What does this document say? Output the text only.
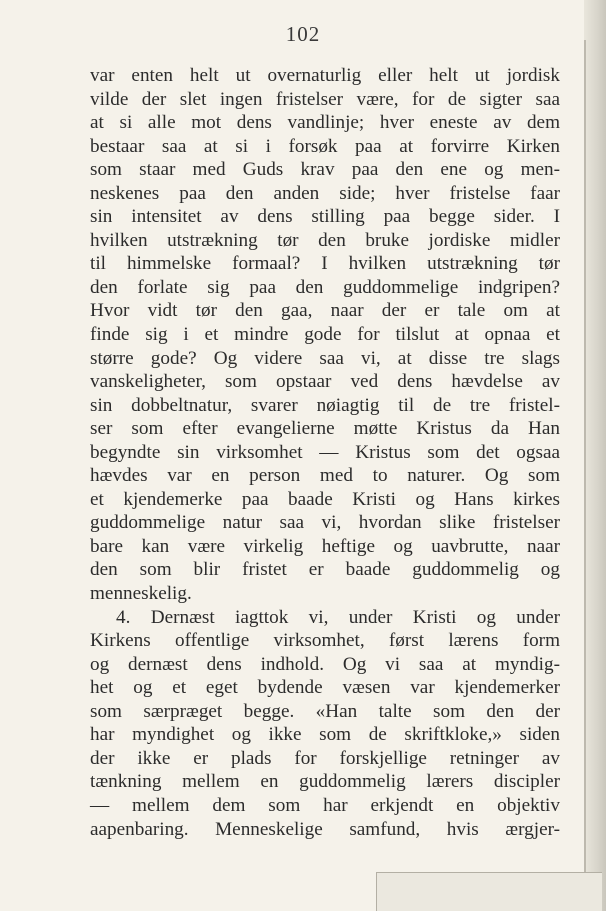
102
var enten helt ut overnaturlig eller helt ut jordisk
vilde der slet ingen fristelser være, for de sigter saa
at si alle mot dens vandlinje; hver eneste av dem
bestaar saa at si i forsøk paa at forvirre Kirken
som staar med Guds krav paa den ene og men-
neskenes paa den anden side; hver fristelse faar
sin intensitet av dens stilling paa begge sider. I
hvilken utstrækning tør den bruke jordiske midler
til himmelske formaal? I hvilken utstrækning tør
den forlate sig paa den guddommelige indgripen?
Hvor vidt tør den gaa, naar der er tale om at
finde sig i et mindre gode for tilslut at opnaa et
større gode? Og videre saa vi, at disse tre slags
vanskeligheter, som opstaar ved dens hævdelse av
sin dobbeltnatur, svarer nøiagtig til de tre fristel-
ser som efter evangelierne møtte Kristus da Han
begyndte sin virksomhet — Kristus som det ogsaa
hævdes var en person med to naturer. Og som
et kjendemerke paa baade Kristi og Hans kirkes
guddommelige natur saa vi, hvordan slike fristelser
bare kan være virkelig heftige og uavbrutte, naar
den som blir fristet er baade guddommelig og
menneskelig.
4. Dernæst iagttok vi, under Kristi og under
Kirkens offentlige virksomhet, først lærens form
og dernæst dens indhold. Og vi saa at myndig-
het og et eget bydende væsen var kjendemerker
som særpræget begge. «Han talte som den der
har myndighet og ikke som de skriftkloke,» siden
der ikke er plads for forskjellige retninger av
tænkning mellem en guddommelig lærers discipler
— mellem dem som har erkjendt en objektiv
aapenbaring. Menneskelige samfund, hvis ærgjer-
